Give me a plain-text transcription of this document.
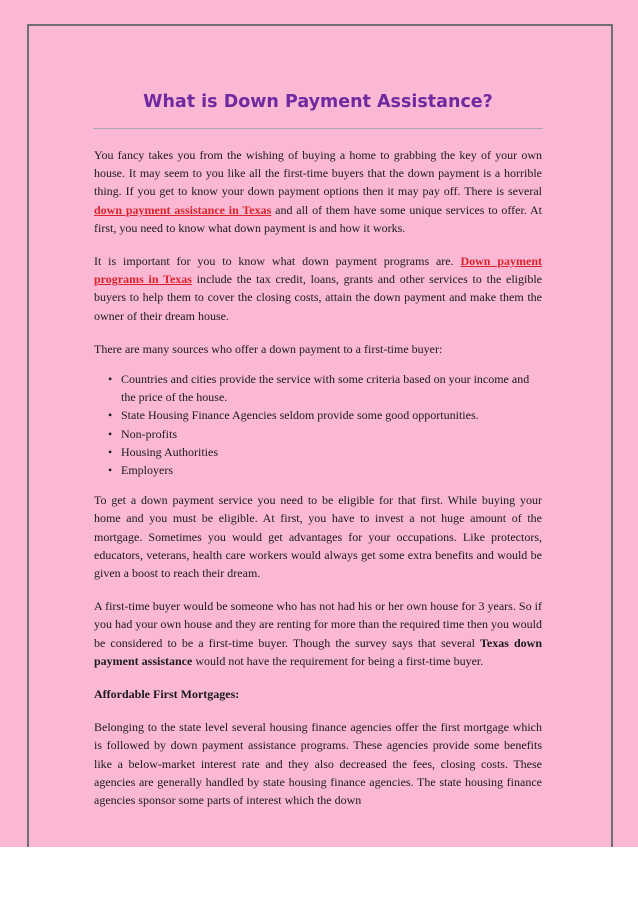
What is Down Payment Assistance?

You fancy takes you from the wishing of buying a home to grabbing the key of your own house. It may seem to you like all the first-time buyers that the down payment is a horrible thing. If you get to know your down payment options then it may pay off. There is several down payment assistance in Texas and all of them have some unique services to offer. At first, you need to know what down payment is and how it works.

It is important for you to know what down payment programs are. Down payment programs in Texas include the tax credit, loans, grants and other services to the eligible buyers to help them to cover the closing costs, attain the down payment and make them the owner of their dream house.

There are many sources who offer a down payment to a first-time buyer:

• Countries and cities provide the service with some criteria based on your income and the price of the house.
• State Housing Finance Agencies seldom provide some good opportunities.
• Non-profits
• Housing Authorities
• Employers

To get a down payment service you need to be eligible for that first. While buying your home and you must be eligible. At first, you have to invest a not huge amount of the mortgage. Sometimes you would get advantages for your occupations. Like protectors, educators, veterans, health care workers would always get some extra benefits and would be given a boost to reach their dream.

A first-time buyer would be someone who has not had his or her own house for 3 years. So if you had your own house and they are renting for more than the required time then you would be considered to be a first-time buyer. Though the survey says that several Texas down payment assistance would not have the requirement for being a first-time buyer.

Affordable First Mortgages:

Belonging to the state level several housing finance agencies offer the first mortgage which is followed by down payment assistance programs. These agencies provide some benefits like a below-market interest rate and they also decreased the fees, closing costs. These agencies are generally handled by state housing finance agencies. The state housing finance agencies sponsor some parts of interest which the down
